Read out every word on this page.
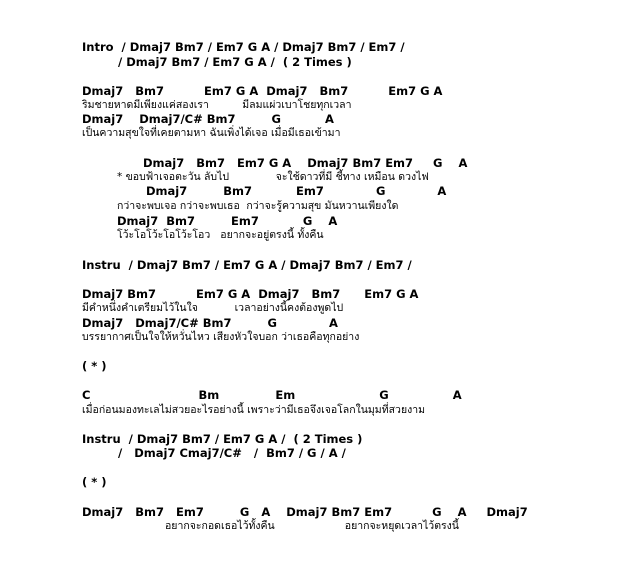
Intro  / Dmaj7 Bm7 / Em7 G A / Dmaj7 Bm7 / Em7 /
/ Dmaj7 Bm7 / Em7 G A /  ( 2 Times )
Dmaj7   Bm7          Em7 G A  Dmaj7   Bm7          Em7 G A
ริมชายหาดมีเพียงแค่สองเรา          มีลมแผ่วเบาโชยทุกเวลา
Dmaj7    Dmaj7/C# Bm7         G           A
เป็นความสุขใจที่เคยตามหา ฉันเพิ่งได้เจอ เมื่อมีเธอเข้ามา
Dmaj7   Bm7   Em7 G A    Dmaj7 Bm7 Em7     G    A
* ขอบฟ้าเจอตะวัน ลับไป              จะใช้ดาวที่มี ชี้ทาง เหมือน ดวงไฟ
Dmaj7         Bm7           Em7             G             A
กว่าจะพบเจอ กว่าจะพบเธอ  กว่าจะรู้ความสุข มันหวานเพียงใด
Dmaj7  Bm7         Em7           G    A
โว้ะโอโว้ะโอโว้ะโอว   อยากจะอยู่ตรงนี้ ทั้งคืน
Instru  / Dmaj7 Bm7 / Em7 G A / Dmaj7 Bm7 / Em7 /
Dmaj7 Bm7          Em7 G A  Dmaj7   Bm7      Em7 G A
มีคำหนึ่งคำเตรียมไว้ในใจ           เวลาอย่างนี้คงต้องพูดไป
Dmaj7   Dmaj7/C# Bm7         G             A
บรรยากาศเป็นใจให้หวั่นไหว เสียงหัวใจบอก ว่าเธอคือทุกอย่าง
( * )
C                           Bm              Em                     G                A
เมื่อก่อนมองทะเลไม่สวยอะไรอย่างนี้ เพราะว่ามีเธอจึงเจอโลกในมุมที่สวยงาม
Instru  / Dmaj7 Bm7 / Em7 G A /  ( 2 Times )
/   Dmaj7 Cmaj7/C#   /  Bm7 / G / A /
( * )
Dmaj7   Bm7   Em7         G   A    Dmaj7 Bm7 Em7          G    A     Dmaj7
อยากจะกอดเธอไว้ทั้งคืน                     อยากจะหยุดเวลาไว้ตรงนี้
